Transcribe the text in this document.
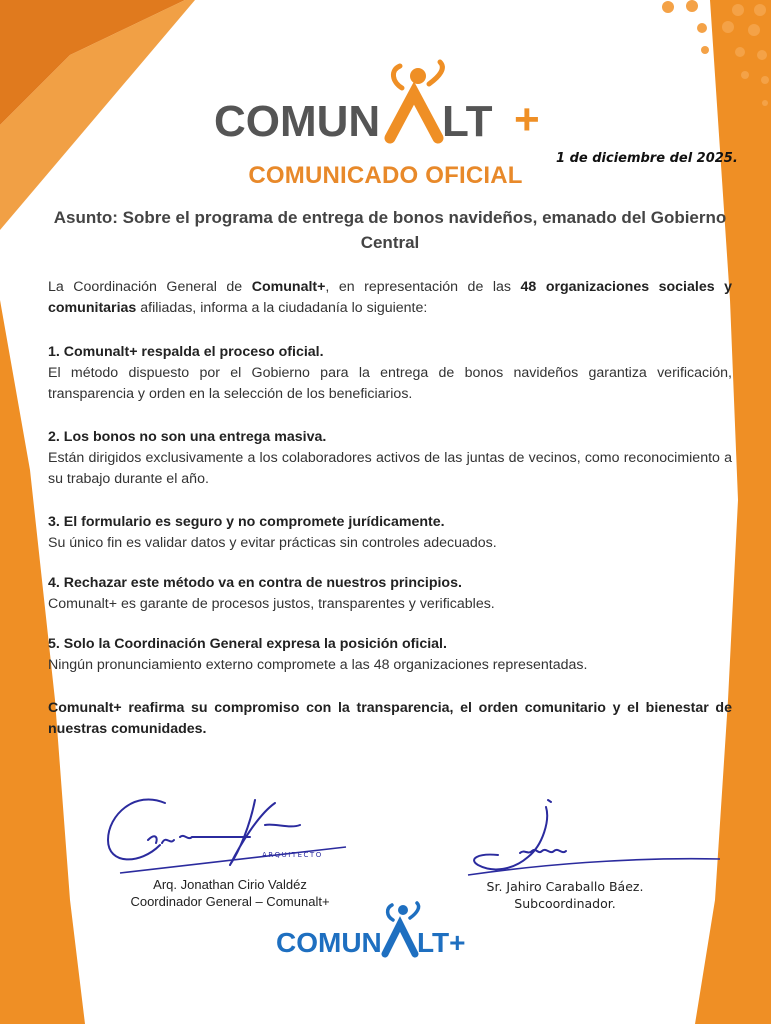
COMUN LT +
COMUNICADO OFICIAL
1 de diciembre del 2025.
Asunto: Sobre el programa de entrega de bonos navideños, emanado del Gobierno Central

La Coordinación General de Comunalt+, en representación de las 48 organizaciones sociales y comunitarias afiliadas, informa a la ciudadanía lo siguiente:

1. Comunalt+ respalda el proceso oficial.

El método dispuesto por el Gobierno para la entrega de bonos navideños garantiza verificación, transparencia y orden en la selección de los beneficiarios.

2. Los bonos no son una entrega masiva.

Están dirigidos exclusivamente a los colaboradores activos de las juntas de vecinos, como reconocimiento a su trabajo durante el año.

3. El formulario es seguro y no compromete jurídicamente.

Su único fin es validar datos y evitar prácticas sin controles adecuados.

4. Rechazar este método va en contra de nuestros principios.

Comunalt+ es garante de procesos justos, transparentes y verificables.

5. Solo la Coordinación General expresa la posición oficial.

Ningún pronunciamiento externo compromete a las 48 organizaciones representadas.

Comunalt+ reafirma su compromiso con la transparencia, el orden comunitario y el bienestar de nuestras comunidades.

ARQUITECTO
Arq. Jonathan Cirio Valdéz
Coordinador General – Comunalt+
Sr. Jahiro Caraballo Báez.
Subcoordinador.
COMUN LT+
